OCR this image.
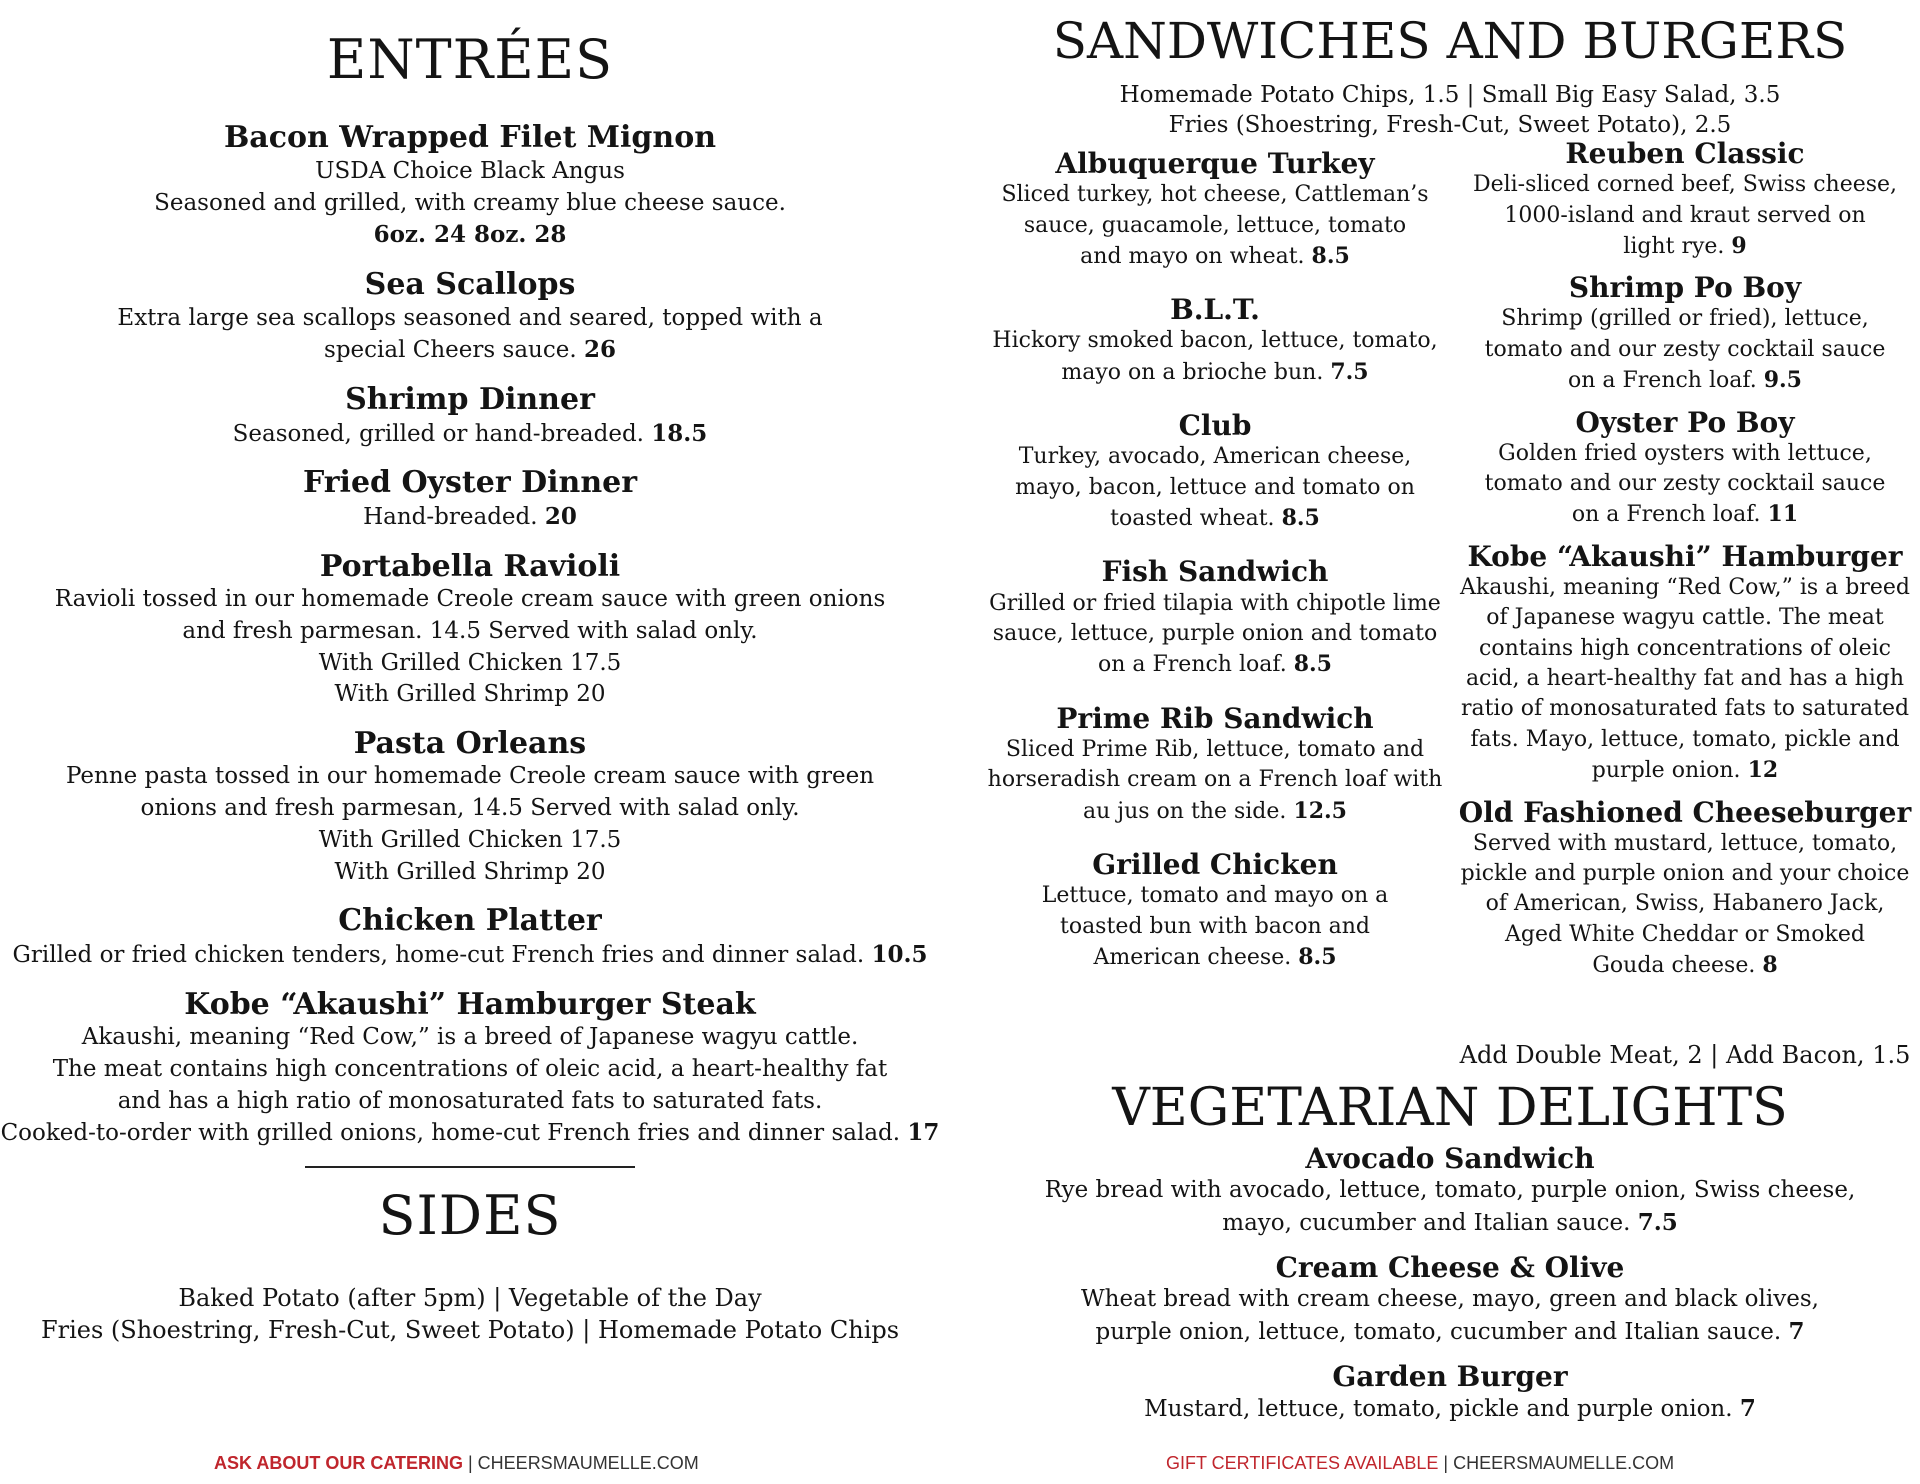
ENTRÉES
Bacon Wrapped Filet Mignon
USDA Choice Black Angus
Seasoned and grilled, with creamy blue cheese sauce.
6oz. 24 8oz. 28
Sea Scallops
Extra large sea scallops seasoned and seared, topped with a
special Cheers sauce. 26
Shrimp Dinner
Seasoned, grilled or hand-breaded. 18.5
Fried Oyster Dinner
Hand-breaded. 20
Portabella Ravioli
Ravioli tossed in our homemade Creole cream sauce with green onions
and fresh parmesan. 14.5 Served with salad only.
With Grilled Chicken 17.5
With Grilled Shrimp 20
Pasta Orleans
Penne pasta tossed in our homemade Creole cream sauce with green
onions and fresh parmesan, 14.5 Served with salad only.
With Grilled Chicken 17.5
With Grilled Shrimp 20
Chicken Platter
Grilled or fried chicken tenders, home-cut French fries and dinner salad. 10.5
Kobe “Akaushi” Hamburger Steak
Akaushi, meaning “Red Cow,” is a breed of Japanese wagyu cattle.
The meat contains high concentrations of oleic acid, a heart-healthy fat
and has a high ratio of monosaturated fats to saturated fats.
Cooked-to-order with grilled onions, home-cut French fries and dinner salad. 17
SIDES
Baked Potato (after 5pm) | Vegetable of the Day
Fries (Shoestring, Fresh-Cut, Sweet Potato) | Homemade Potato Chips
SANDWICHES AND BURGERS
Homemade Potato Chips, 1.5 | Small Big Easy Salad, 3.5
Fries (Shoestring, Fresh-Cut, Sweet Potato), 2.5
Albuquerque Turkey
Sliced turkey, hot cheese, Cattleman’s
sauce, guacamole, lettuce, tomato
and mayo on wheat. 8.5
B.L.T.
Hickory smoked bacon, lettuce, tomato,
mayo on a brioche bun. 7.5
Club
Turkey, avocado, American cheese,
mayo, bacon, lettuce and tomato on
toasted wheat. 8.5
Fish Sandwich
Grilled or fried tilapia with chipotle lime
sauce, lettuce, purple onion and tomato
on a French loaf. 8.5
Prime Rib Sandwich
Sliced Prime Rib, lettuce, tomato and
horseradish cream on a French loaf with
au jus on the side. 12.5
Grilled Chicken
Lettuce, tomato and mayo on a
toasted bun with bacon and
American cheese. 8.5
Reuben Classic
Deli-sliced corned beef, Swiss cheese,
1000-island and kraut served on
light rye. 9
Shrimp Po Boy
Shrimp (grilled or fried), lettuce,
tomato and our zesty cocktail sauce
on a French loaf. 9.5
Oyster Po Boy
Golden fried oysters with lettuce,
tomato and our zesty cocktail sauce
on a French loaf. 11
Kobe “Akaushi” Hamburger
Akaushi, meaning “Red Cow,” is a breed
of Japanese wagyu cattle. The meat
contains high concentrations of oleic
acid, a heart-healthy fat and has a high
ratio of monosaturated fats to saturated
fats. Mayo, lettuce, tomato, pickle and
purple onion. 12
Old Fashioned Cheeseburger
Served with mustard, lettuce, tomato,
pickle and purple onion and your choice
of American, Swiss, Habanero Jack,
Aged White Cheddar or Smoked
Gouda cheese. 8
Add Double Meat, 2 | Add Bacon, 1.5
VEGETARIAN DELIGHTS
Avocado Sandwich
Rye bread with avocado, lettuce, tomato, purple onion, Swiss cheese,
mayo, cucumber and Italian sauce. 7.5
Cream Cheese & Olive
Wheat bread with cream cheese, mayo, green and black olives,
purple onion, lettuce, tomato, cucumber and Italian sauce. 7
Garden Burger
Mustard, lettuce, tomato, pickle and purple onion. 7
ASK ABOUT OUR CATERING | CHEERSMAUMELLE.COM	GIFT CERTIFICATES AVAILABLE | CHEERSMAUMELLE.COM
